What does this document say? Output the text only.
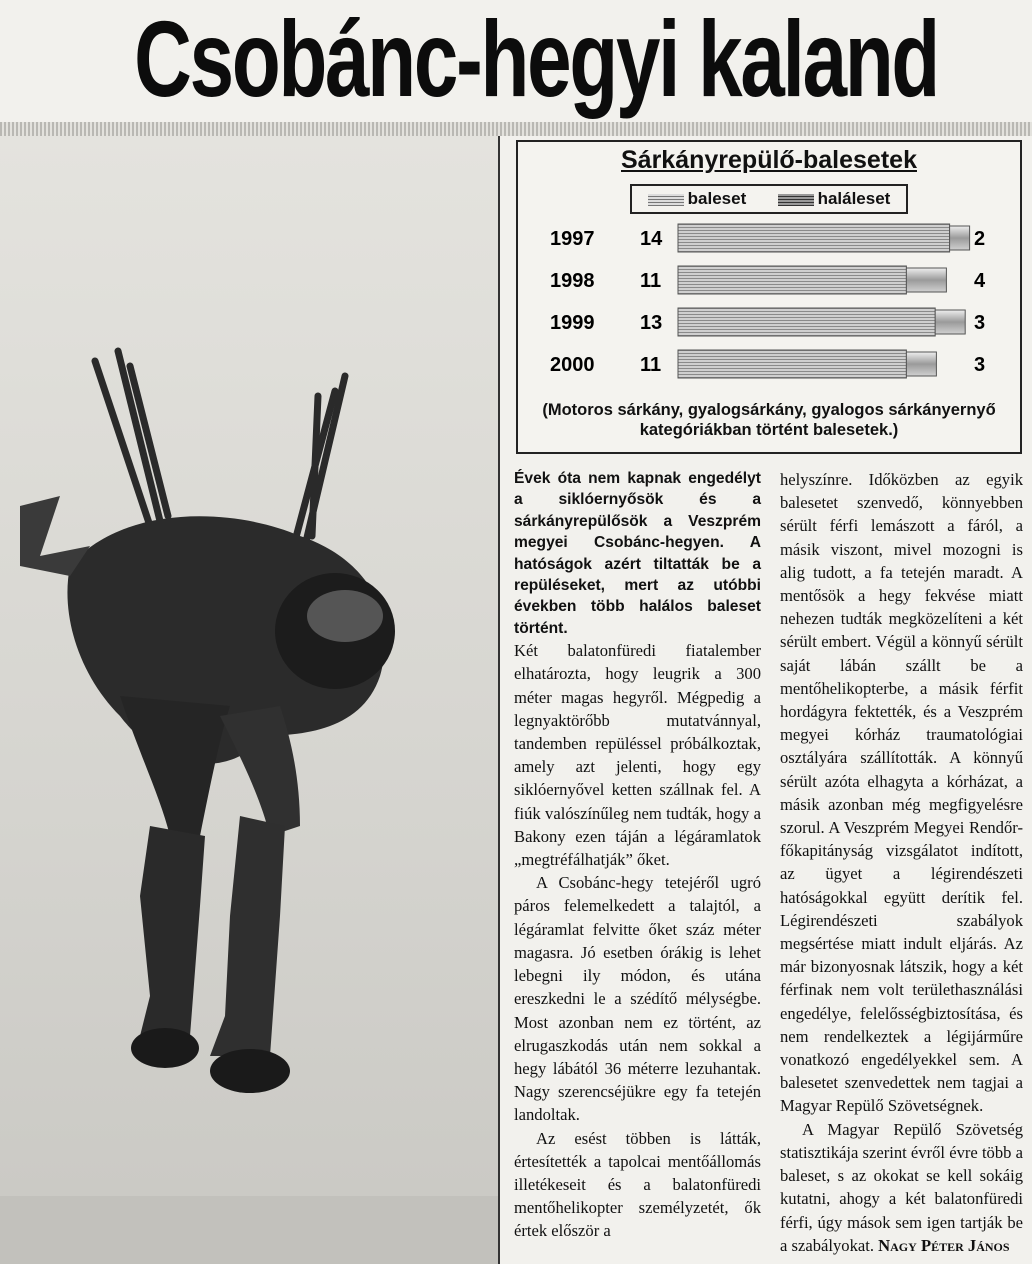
Csobánc-hegyi kaland
Sárkányrepülő-balesetek
baleset	haláleset
1997 14	2
1998 11	4
1999 13	3
2000 11	3
(Motoros sárkány, gyalogsárkány, gyalogos sárkányernyő kategóriákban történt balesetek.)

Évek óta nem kapnak engedélyt a siklóernyősök és a sárkányrepülősök a Veszprém megyei Csobánc-hegyen. A hatóságok azért tiltatták be a repüléseket, mert az utóbbi években több halálos baleset történt.

Két balatonfüredi fiatalember elhatározta, hogy leugrik a 300 méter magas hegyről. Mégpedig a legnyaktörőbb mutatvánnyal, tandemben repüléssel próbálkoztak, amely azt jelenti, hogy egy siklóernyővel ketten szállnak fel. A fiúk valószínűleg nem tudták, hogy a Bakony ezen táján a légáramlatok „megtréfálhatják” őket.

A Csobánc-hegy tetejéről ugró páros felemelkedett a talajtól, a légáramlat felvitte őket száz méter magasra. Jó esetben órákig is lehet lebegni ily módon, és utána ereszkedni le a szédítő mélységbe. Most azonban nem ez történt, az elrugaszkodás után nem sokkal a hegy lábától 36 méterre lezuhantak. Nagy szerencséjükre egy fa tetején landoltak.

Az esést többen is látták, értesítették a tapolcai mentőállomás illetékeseit és a balatonfüredi mentőhelikopter személyzetét, ők értek először a

helyszínre. Időközben az egyik balesetet szenvedő, könnyebben sérült férfi lemászott a fáról, a másik viszont, mivel mozogni is alig tudott, a fa tetején maradt. A mentősök a hegy fekvése miatt nehezen tudták megközelíteni a két sérült embert. Végül a könnyű sérült saját lábán szállt be a mentőhelikopterbe, a másik férfit hordágyra fektették, és a Veszprém megyei kórház traumatológiai osztályára szállították. A könnyű sérült azóta elhagyta a kórházat, a másik azonban még megfigyelésre szorul. A Veszprém Megyei Rendőr-főkapitányság vizsgálatot indított, az ügyet a légirendészeti hatóságokkal együtt derítik fel. Légirendészeti szabályok megsértése miatt indult eljárás. Az már bizonyosnak látszik, hogy a két férfinak nem volt területhasználási engedélye, felelősségbiztosítása, és nem rendelkeztek a légijárműre vonatkozó engedélyekkel sem. A balesetet szenvedettek nem tagjai a Magyar Repülő Szövetségnek.

A Magyar Repülő Szövetség statisztikája szerint évről évre több a baleset, s az okokat se kell sokáig kutatni, ahogy a két balatonfüredi férfi, úgy mások sem igen tartják be a szabályokat. Nagy Péter János
